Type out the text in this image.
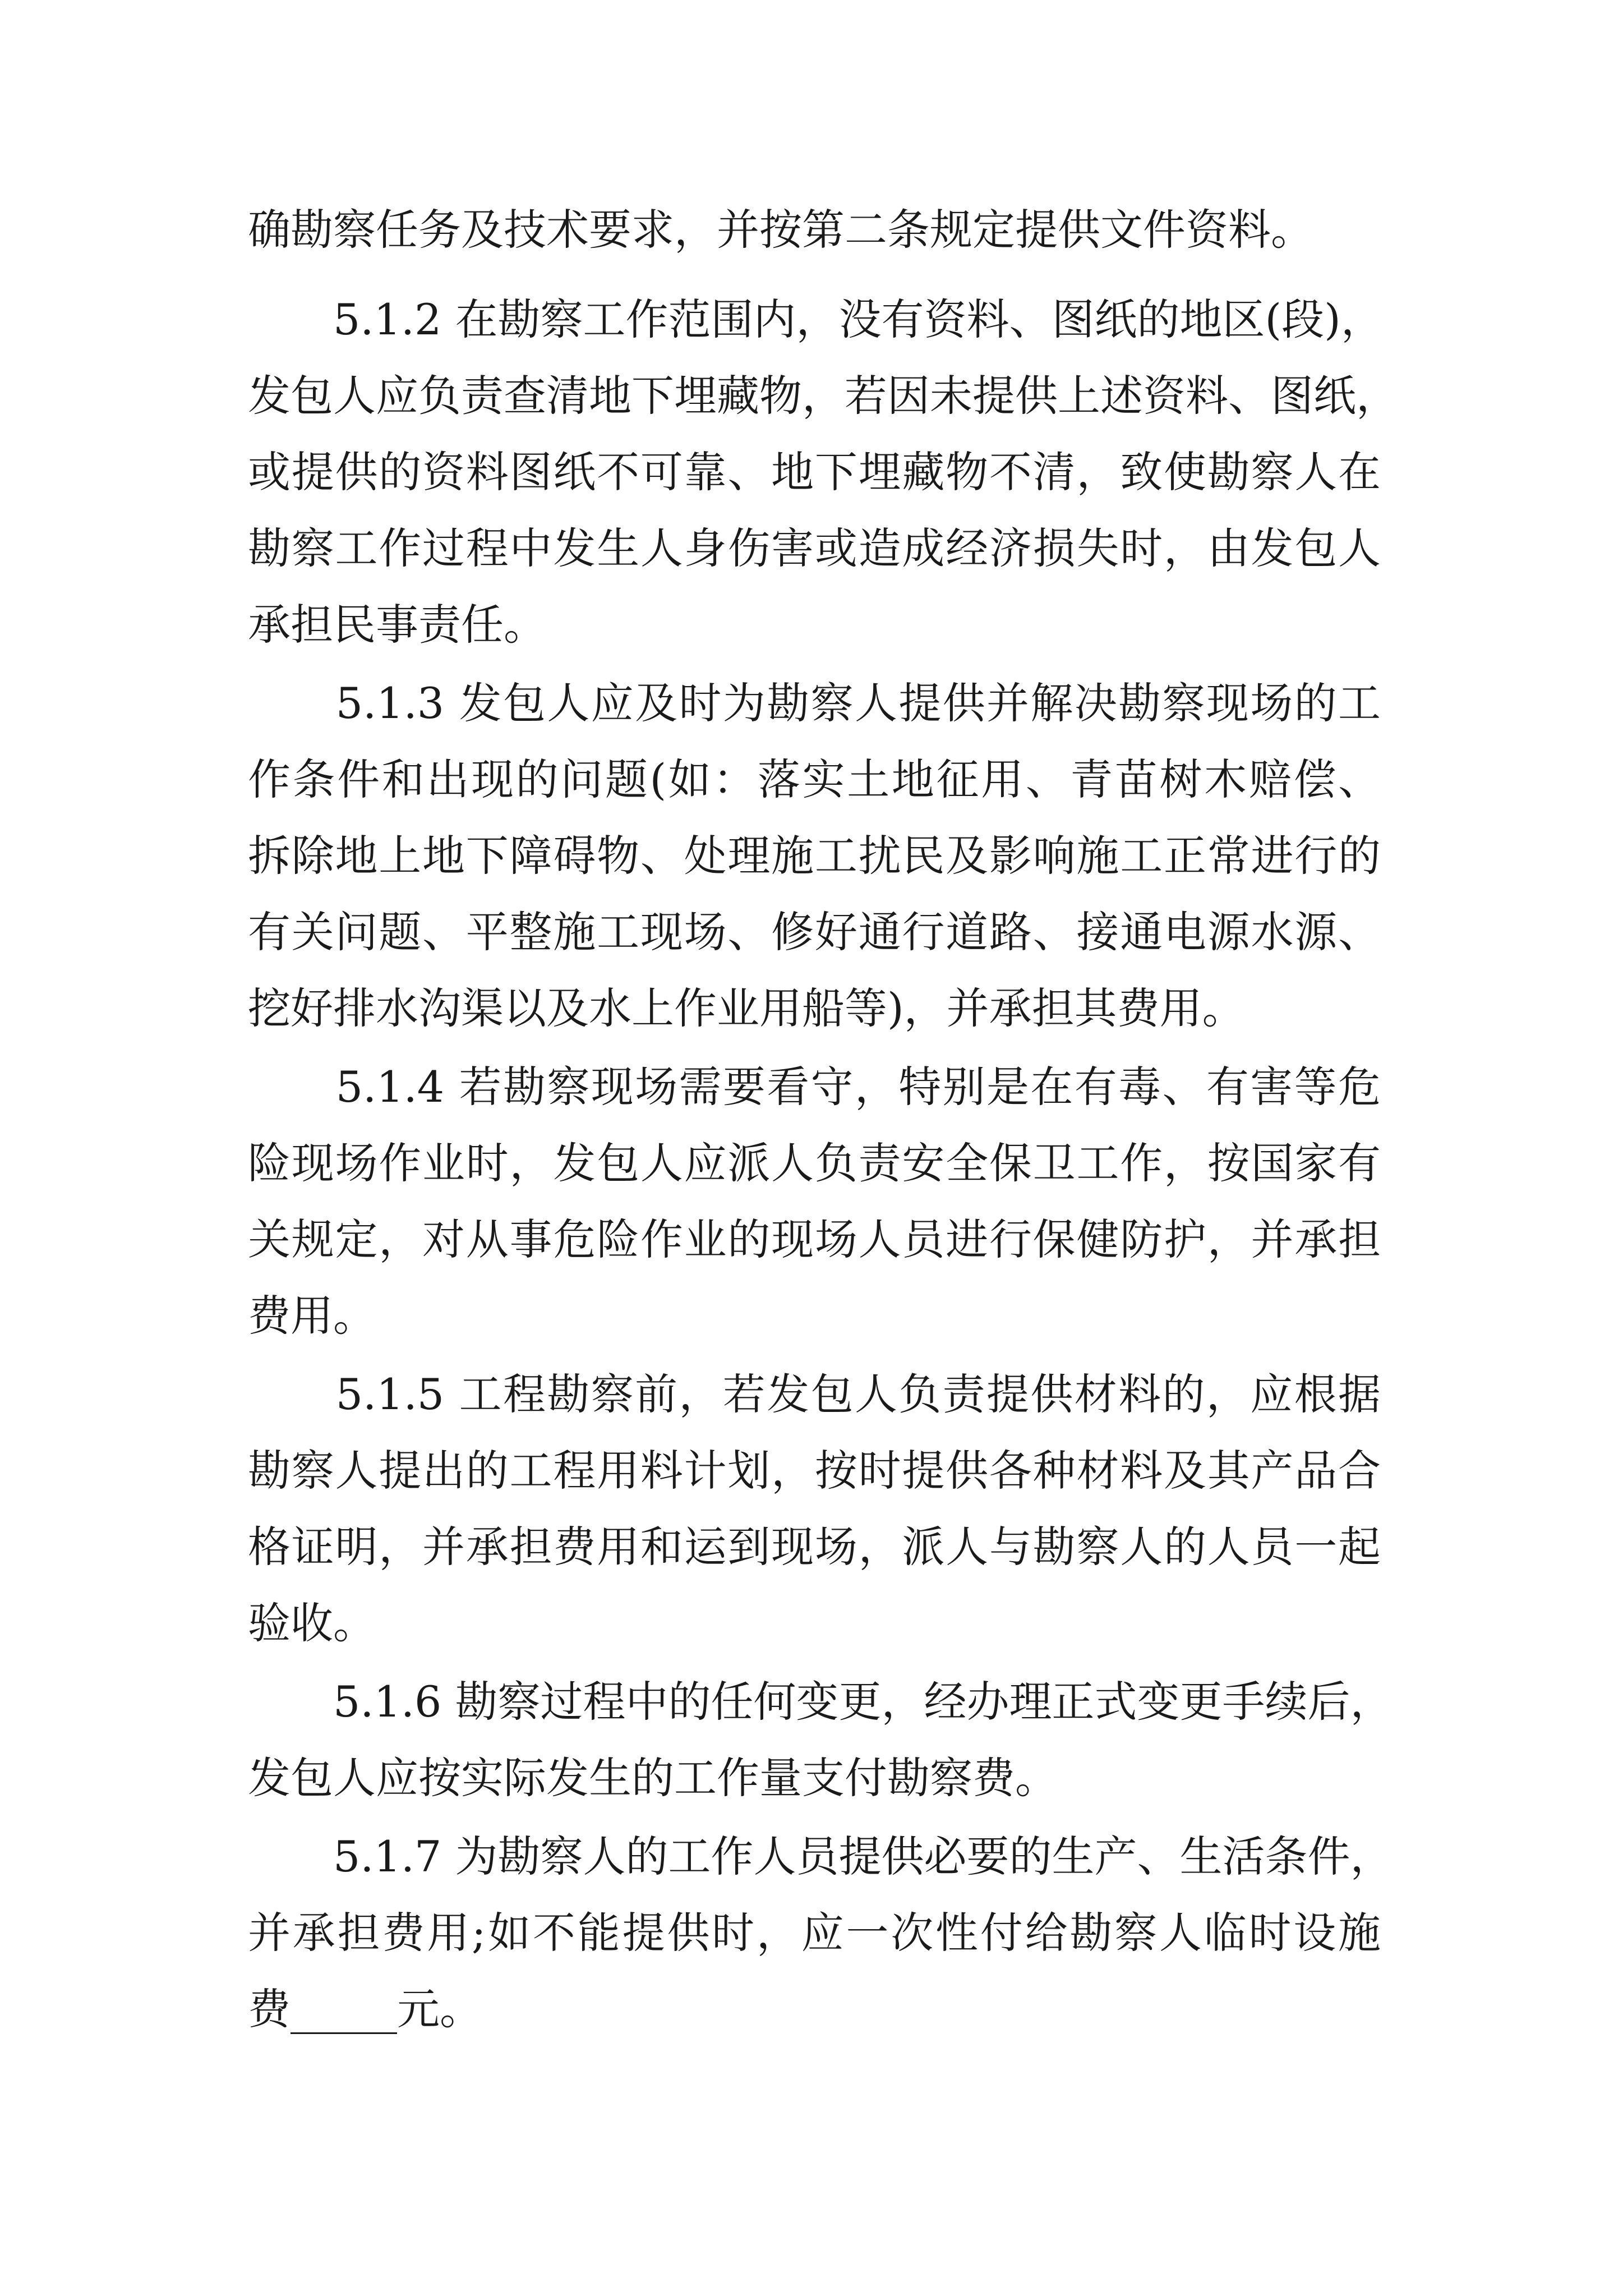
确勘察任务及技术要求，并按第二条规定提供文件资料。
　　5.1.2 在勘察工作范围内，没有资料、图纸的地区(段)，
发包人应负责查清地下埋藏物，若因未提供上述资料、图纸，
或提供的资料图纸不可靠、地下埋藏物不清，致使勘察人在
勘察工作过程中发生人身伤害或造成经济损失时，由发包人
承担民事责任。
　　5.1.3 发包人应及时为勘察人提供并解决勘察现场的工
作条件和出现的问题(如：落实土地征用、青苗树木赔偿、
拆除地上地下障碍物、处理施工扰民及影响施工正常进行的
有关问题、平整施工现场、修好通行道路、接通电源水源、
挖好排水沟渠以及水上作业用船等)，并承担其费用。
　　5.1.4 若勘察现场需要看守，特别是在有毒、有害等危
险现场作业时，发包人应派人负责安全保卫工作，按国家有
关规定，对从事危险作业的现场人员进行保健防护，并承担
费用。
　　5.1.5 工程勘察前，若发包人负责提供材料的，应根据
勘察人提出的工程用料计划，按时提供各种材料及其产品合
格证明，并承担费用和运到现场，派人与勘察人的人员一起
验收。
　　5.1.6 勘察过程中的任何变更，经办理正式变更手续后，
发包人应按实际发生的工作量支付勘察费。
　　5.1.7 为勘察人的工作人员提供必要的生产、生活条件，
并承担费用;如不能提供时，应一次性付给勘察人临时设施
费_____元。
